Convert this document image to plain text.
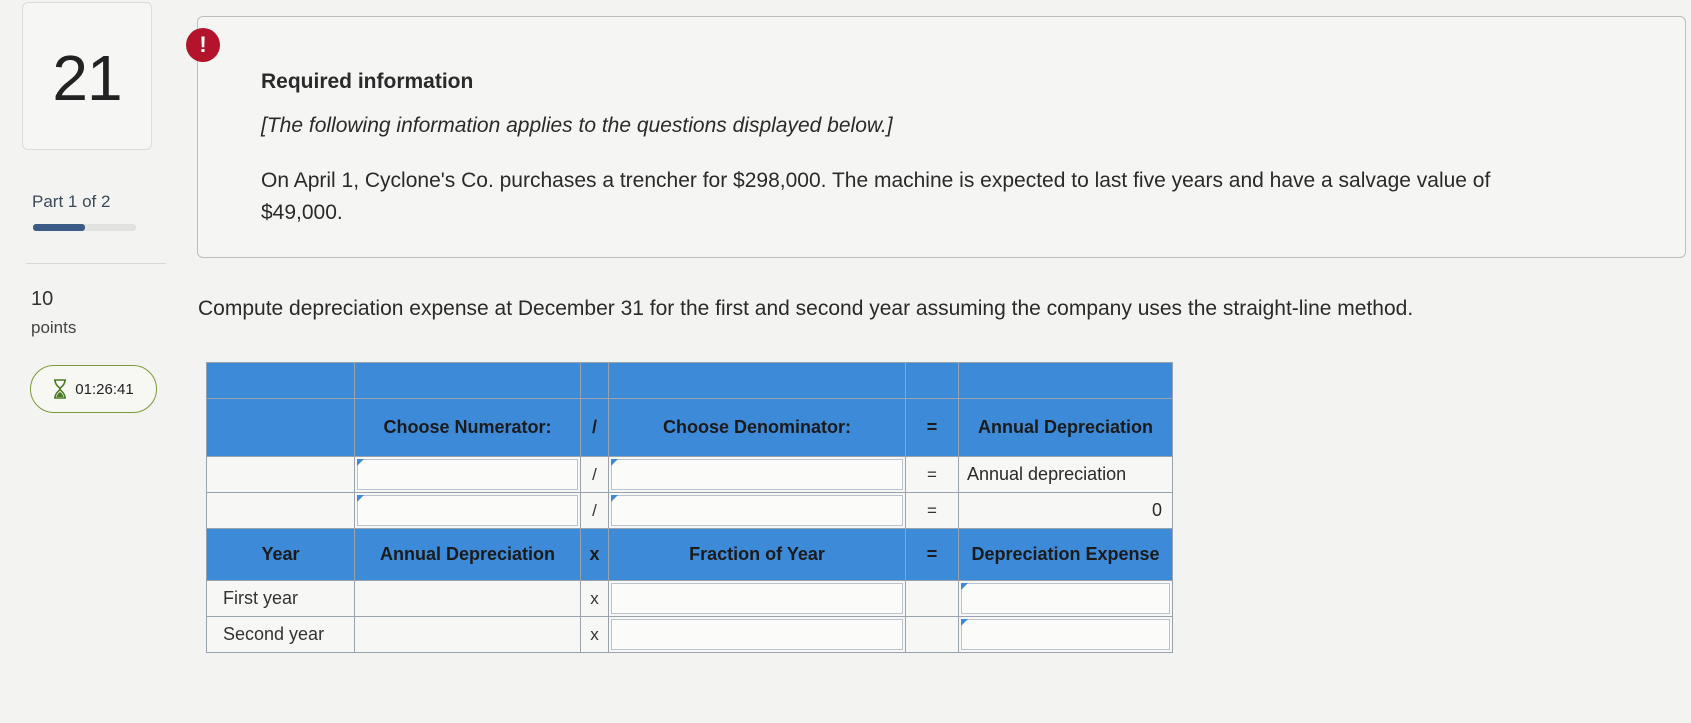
21
Part 1 of 2
10
points
01:26:41
!
Required information
[The following information applies to the questions displayed below.]
On April 1, Cyclone's Co. purchases a trencher for $298,000. The machine is expected to last five years and have a salvage value of $49,000.
Compute depreciation expense at December 31 for the first and second year assuming the company uses the straight-line method.

	Choose Numerator:	/	Choose Denominator:	=	Annual Depreciation

	/		=	Annual depreciation

	/		=	0
Year	Annual Depreciation	x	Fraction of Year	=	Depreciation Expense
First year		x	

Second year		x	
